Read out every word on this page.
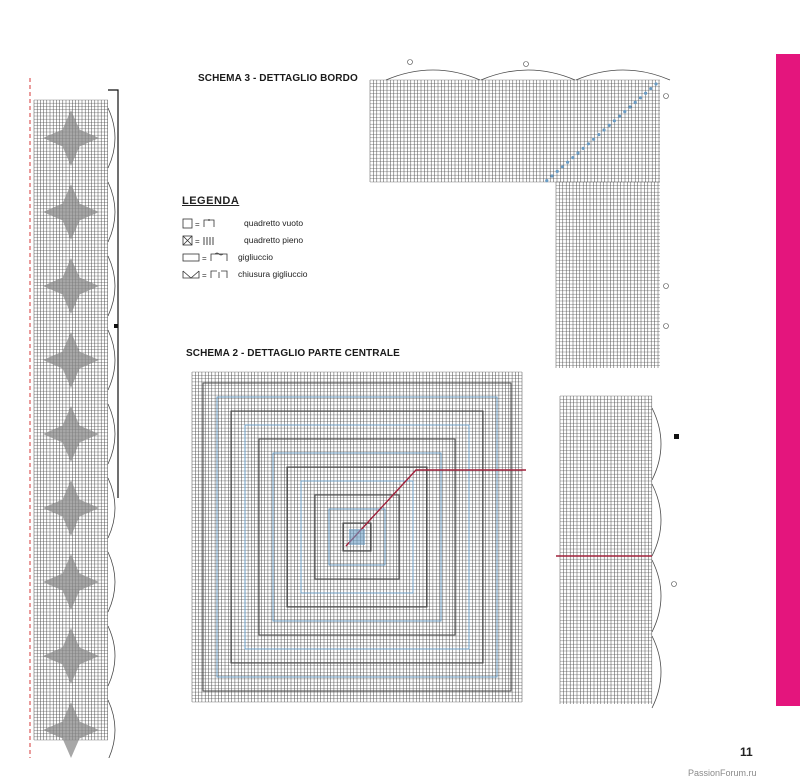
SCHEMA 3 - DETTAGLIO BORDO
LEGENDA
=	quadretto vuoto
=	quadretto pieno
=	gigliuccio
=	chiusura gigliuccio
SCHEMA 2 - DETTAGLIO PARTE CENTRALE
11
PassionForum.ru
